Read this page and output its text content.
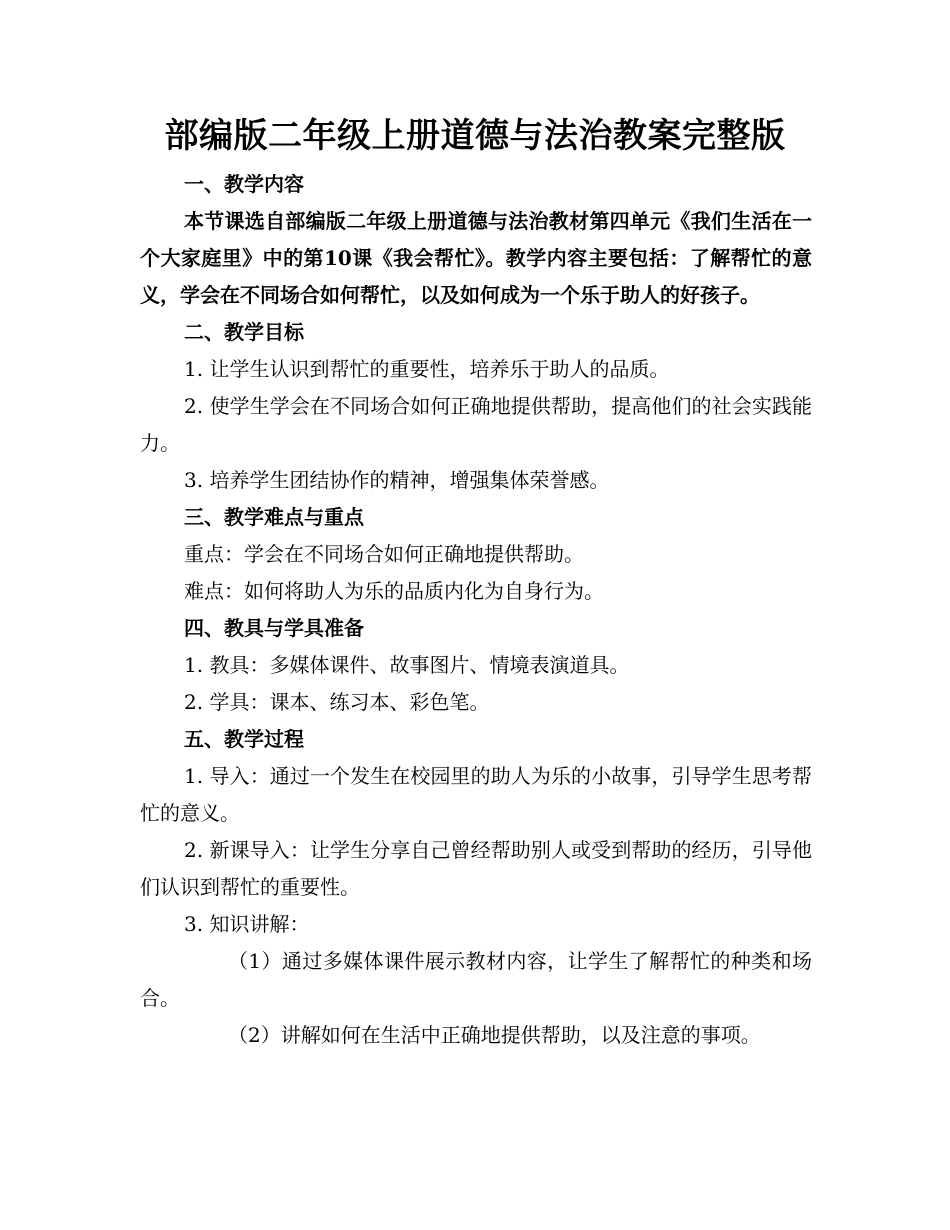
部编版二年级上册道德与法治教案完整版

一、教学内容

本节课选自部编版二年级上册道德与法治教材第四单元《我们生活在一个大家庭里》中的第10课《我会帮忙》。教学内容主要包括：了解帮忙的意义，学会在不同场合如何帮忙，以及如何成为一个乐于助人的好孩子。

二、教学目标

1. 让学生认识到帮忙的重要性，培养乐于助人的品质。

2. 使学生学会在不同场合如何正确地提供帮助，提高他们的社会实践能力。

3. 培养学生团结协作的精神，增强集体荣誉感。

三、教学难点与重点

重点：学会在不同场合如何正确地提供帮助。

难点：如何将助人为乐的品质内化为自身行为。

四、教具与学具准备

1. 教具：多媒体课件、故事图片、情境表演道具。

2. 学具：课本、练习本、彩色笔。

五、教学过程

1. 导入：通过一个发生在校园里的助人为乐的小故事，引导学生思考帮忙的意义。

2. 新课导入：让学生分享自己曾经帮助别人或受到帮助的经历，引导他们认识到帮忙的重要性。

3. 知识讲解：

（1）通过多媒体课件展示教材内容，让学生了解帮忙的种类和场合。

（2）讲解如何在生活中正确地提供帮助，以及注意的事项。
